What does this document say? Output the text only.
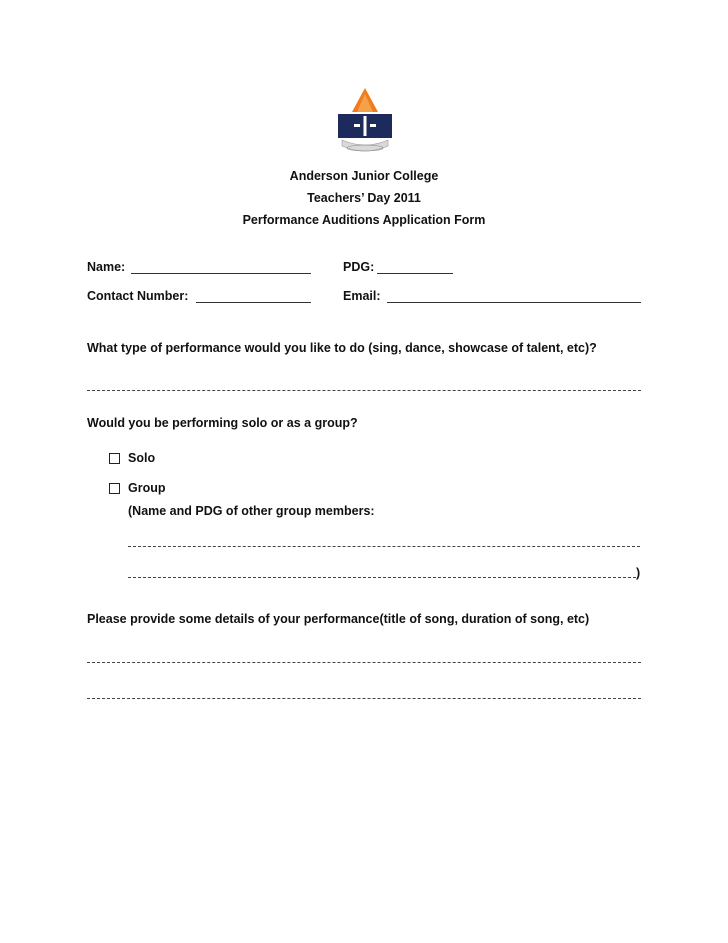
Anderson Junior College
Teachers’ Day 2011
Performance Auditions Application Form
Name:	PDG:
Contact Number:	Email:
What type of performance would you like to do (sing, dance, showcase of talent, etc)?
Would you be performing solo or as a group?
Solo
Group
(Name and PDG of other group members:
)
Please provide some details of your performance(title of song, duration of song, etc)
